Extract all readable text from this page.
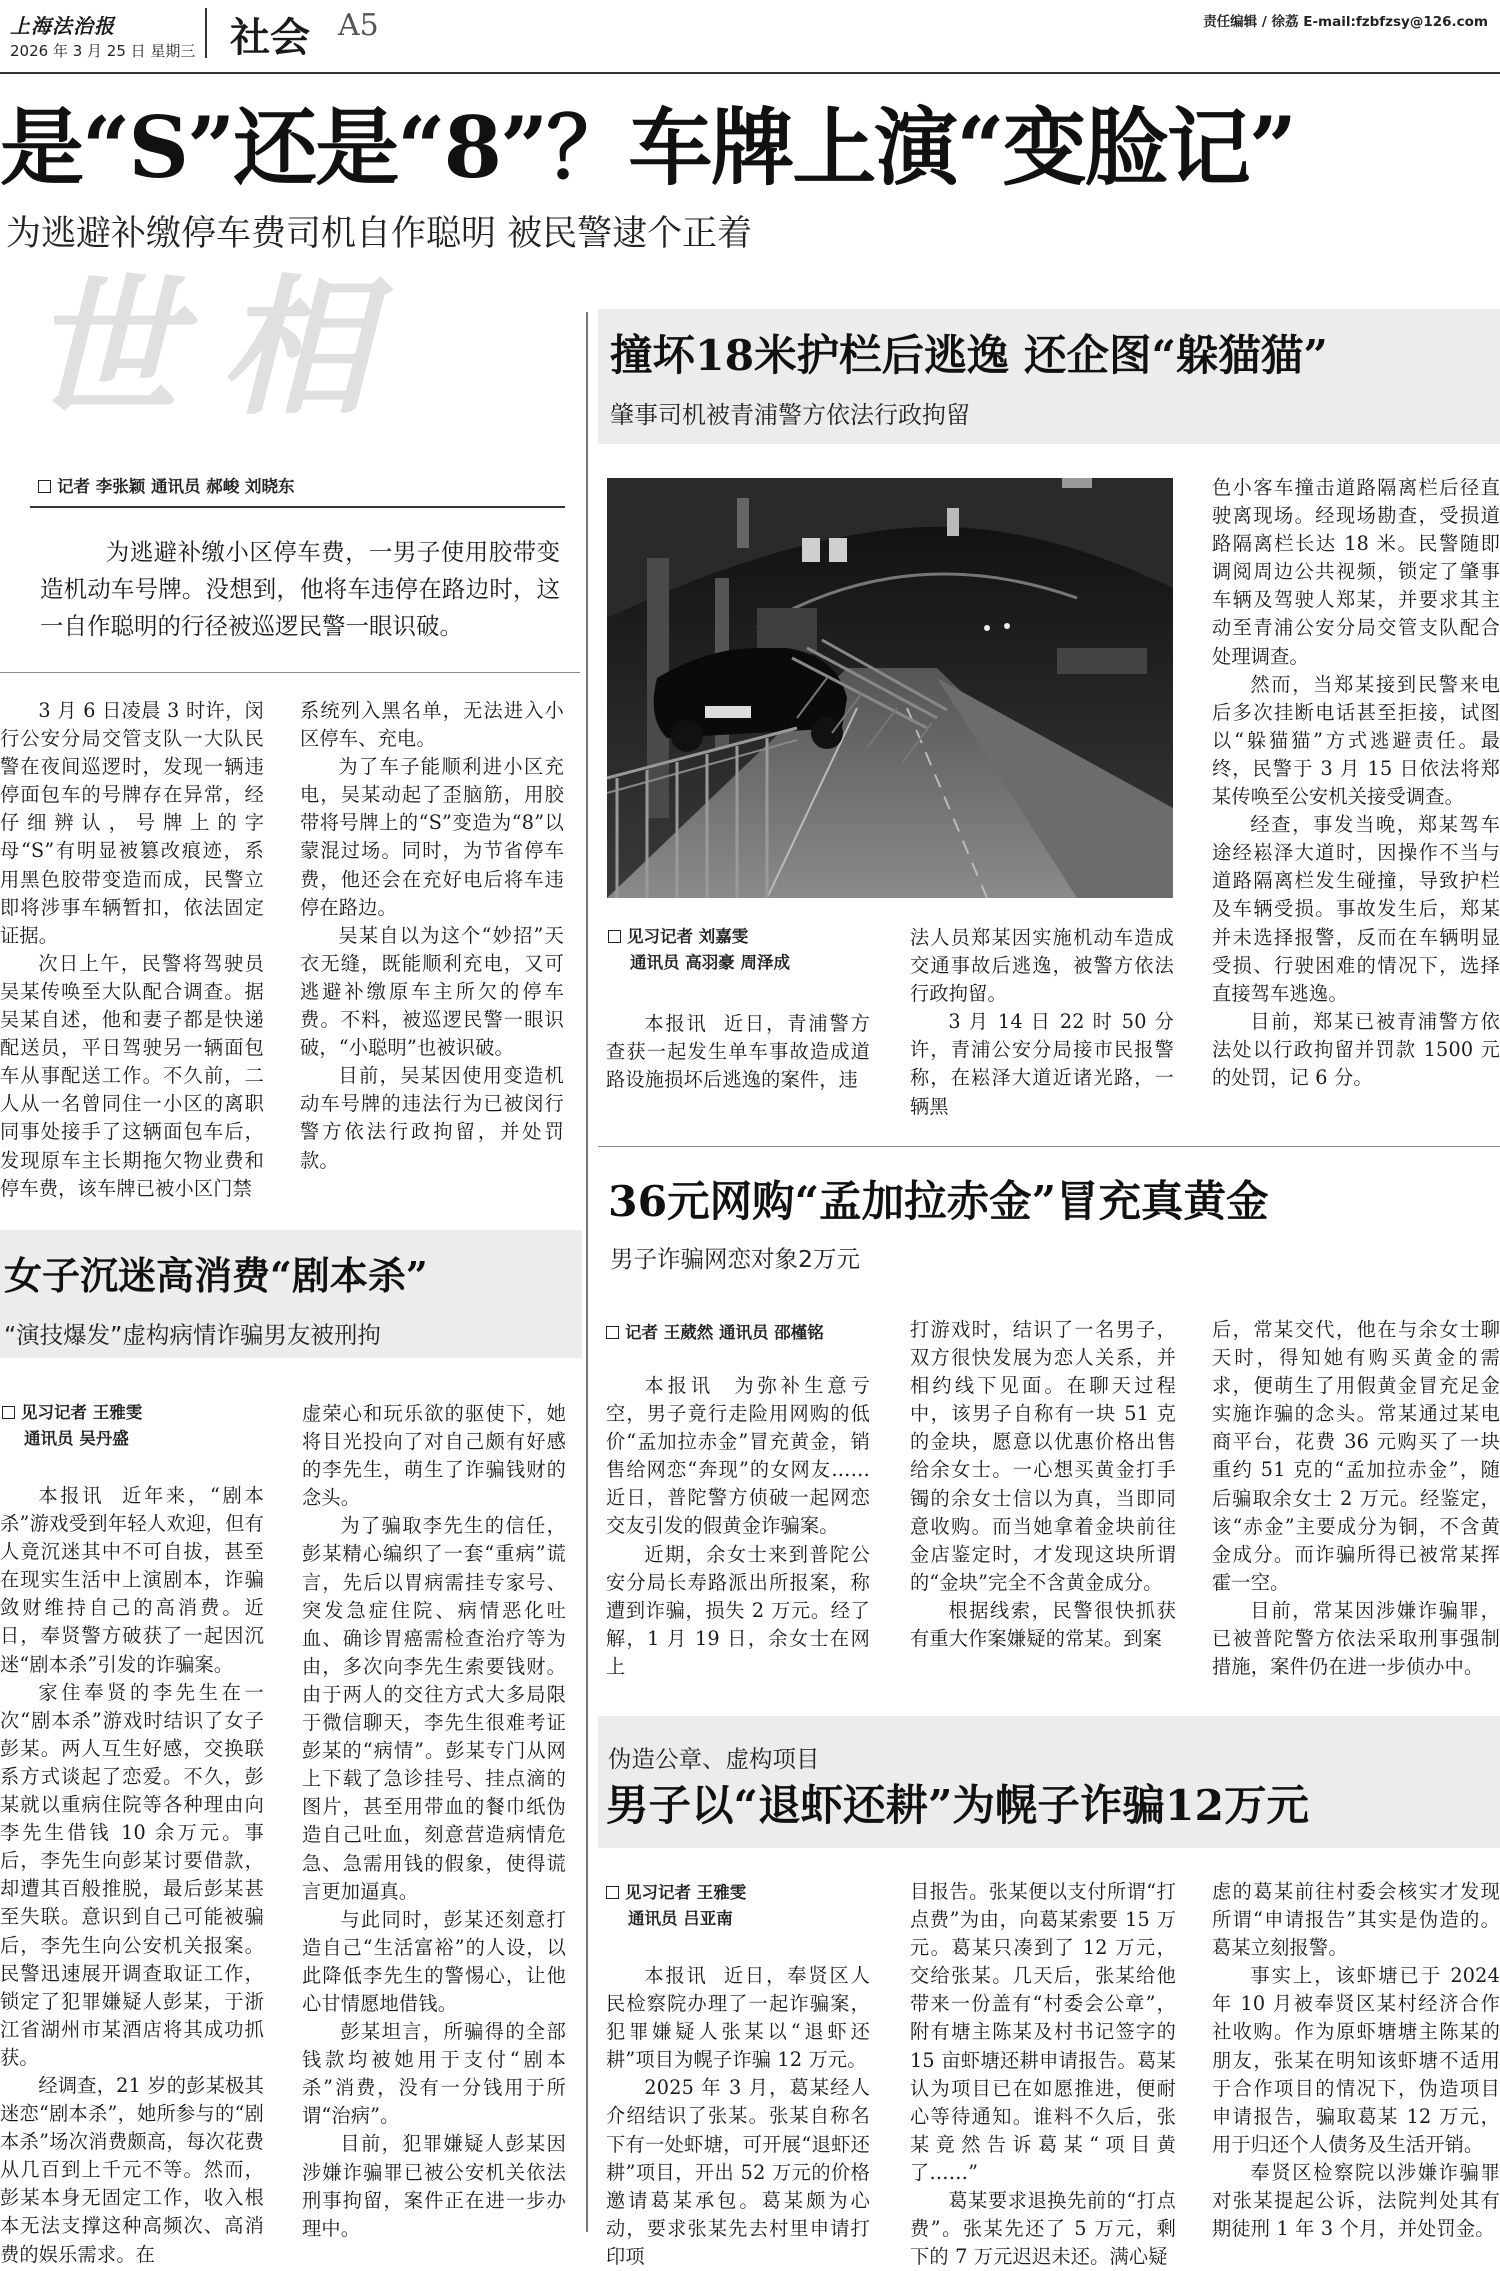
上海法治报
2026 年 3 月 25 日 星期三 社会 A5	责任编辑 / 徐荔 E-mail:fzbfzsy@126.com
是“S”还是“8”？车牌上演“变脸记”
为逃避补缴停车费司机自作聪明 被民警逮个正着
世相
记者 李张颖 通讯员 郝峻 刘晓东
为逃避补缴小区停车费，一男子使用胶带变造机动车号牌。没想到，他将车违停在路边时，这一自作聪明的行径被巡逻民警一眼识破。

3 月 6 日凌晨 3 时许，闵行公安分局交管支队一大队民警在夜间巡逻时，发现一辆违停面包车的号牌存在异常，经仔细辨认，号牌上的字母“S”有明显被篡改痕迹，系用黑色胶带变造而成，民警立即将涉事车辆暂扣，依法固定证据。

次日上午，民警将驾驶员吴某传唤至大队配合调查。据吴某自述，他和妻子都是快递配送员，平日驾驶另一辆面包车从事配送工作。不久前，二人从一名曾同住一小区的离职同事处接手了这辆面包车后，发现原车主长期拖欠物业费和停车费，该车牌已被小区门禁

系统列入黑名单，无法进入小区停车、充电。

为了车子能顺利进小区充电，吴某动起了歪脑筋，用胶带将号牌上的“S”变造为“8”以蒙混过场。同时，为节省停车费，他还会在充好电后将车违停在路边。

吴某自以为这个“妙招”天衣无缝，既能顺利充电，又可逃避补缴原车主所欠的停车费。不料，被巡逻民警一眼识破，“小聪明”也被识破。

目前，吴某因使用变造机动车号牌的违法行为已被闵行警方依法行政拘留，并处罚款。

撞坏18米护栏后逃逸 还企图“躲猫猫”
肇事司机被青浦警方依法行政拘留
见习记者 刘嘉雯
通讯员 高羽豪 周泽成

本报讯  近日，青浦警方查获一起发生单车事故造成道路设施损坏后逃逸的案件，违

法人员郑某因实施机动车造成交通事故后逃逸，被警方依法行政拘留。

3 月 14 日 22 时 50 分许，青浦公安分局接市民报警称，在崧泽大道近诸光路，一辆黑

色小客车撞击道路隔离栏后径直驶离现场。经现场勘查，受损道路隔离栏长达 18 米。民警随即调阅周边公共视频，锁定了肇事车辆及驾驶人郑某，并要求其主动至青浦公安分局交管支队配合处理调查。

然而，当郑某接到民警来电后多次挂断电话甚至拒接，试图以“躲猫猫”方式逃避责任。最终，民警于 3 月 15 日依法将郑某传唤至公安机关接受调查。

经查，事发当晚，郑某驾车途经崧泽大道时，因操作不当与道路隔离栏发生碰撞，导致护栏及车辆受损。事故发生后，郑某并未选择报警，反而在车辆明显受损、行驶困难的情况下，选择直接驾车逃逸。

目前，郑某已被青浦警方依法处以行政拘留并罚款 1500 元的处罚，记 6 分。

女子沉迷高消费“剧本杀”
“演技爆发”虚构病情诈骗男友被刑拘
见习记者 王雅雯
通讯员 吴丹盛

本报讯  近年来，“剧本杀”游戏受到年轻人欢迎，但有人竟沉迷其中不可自拔，甚至在现实生活中上演剧本，诈骗敛财维持自己的高消费。近日，奉贤警方破获了一起因沉迷“剧本杀”引发的诈骗案。

家住奉贤的李先生在一次“剧本杀”游戏时结识了女子彭某。两人互生好感，交换联系方式谈起了恋爱。不久，彭某就以重病住院等各种理由向李先生借钱 10 余万元。事后，李先生向彭某讨要借款，却遭其百般推脱，最后彭某甚至失联。意识到自己可能被骗后，李先生向公安机关报案。民警迅速展开调查取证工作，锁定了犯罪嫌疑人彭某，于浙江省湖州市某酒店将其成功抓获。

经调查，21 岁的彭某极其迷恋“剧本杀”，她所参与的“剧本杀”场次消费颇高，每次花费从几百到上千元不等。然而，彭某本身无固定工作，收入根本无法支撑这种高频次、高消费的娱乐需求。在

虚荣心和玩乐欲的驱使下，她将目光投向了对自己颇有好感的李先生，萌生了诈骗钱财的念头。

为了骗取李先生的信任，彭某精心编织了一套“重病”谎言，先后以胃病需挂专家号、突发急症住院、病情恶化吐血、确诊胃癌需检查治疗等为由，多次向李先生索要钱财。由于两人的交往方式大多局限于微信聊天，李先生很难考证彭某的“病情”。彭某专门从网上下载了急诊挂号、挂点滴的图片，甚至用带血的餐巾纸伪造自己吐血，刻意营造病情危急、急需用钱的假象，使得谎言更加逼真。

与此同时，彭某还刻意打造自己“生活富裕”的人设，以此降低李先生的警惕心，让他心甘情愿地借钱。

彭某坦言，所骗得的全部钱款均被她用于支付“剧本杀”消费，没有一分钱用于所谓“治病”。

目前，犯罪嫌疑人彭某因涉嫌诈骗罪已被公安机关依法刑事拘留，案件正在进一步办理中。

36元网购“孟加拉赤金”冒充真黄金
男子诈骗网恋对象2万元
记者 王葳然 通讯员 邵槿铭

本报讯  为弥补生意亏空，男子竟行走险用网购的低价“孟加拉赤金”冒充黄金，销售给网恋“奔现”的女网友……近日，普陀警方侦破一起网恋交友引发的假黄金诈骗案。

近期，余女士来到普陀公安分局长寿路派出所报案，称遭到诈骗，损失 2 万元。经了解，1 月 19 日，余女士在网上

打游戏时，结识了一名男子，双方很快发展为恋人关系，并相约线下见面。在聊天过程中，该男子自称有一块 51 克的金块，愿意以优惠价格出售给余女士。一心想买黄金打手镯的余女士信以为真，当即同意收购。而当她拿着金块前往金店鉴定时，才发现这块所谓的“金块”完全不含黄金成分。

根据线索，民警很快抓获有重大作案嫌疑的常某。到案

后，常某交代，他在与余女士聊天时，得知她有购买黄金的需求，便萌生了用假黄金冒充足金实施诈骗的念头。常某通过某电商平台，花费 36 元购买了一块重约 51 克的“孟加拉赤金”，随后骗取余女士 2 万元。经鉴定，该“赤金”主要成分为铜，不含黄金成分。而诈骗所得已被常某挥霍一空。

目前，常某因涉嫌诈骗罪，已被普陀警方依法采取刑事强制措施，案件仍在进一步侦办中。

伪造公章、虚构项目
男子以“退虾还耕”为幌子诈骗12万元
见习记者 王雅雯
通讯员 吕亚南

本报讯  近日，奉贤区人民检察院办理了一起诈骗案，犯罪嫌疑人张某以“退虾还耕”项目为幌子诈骗 12 万元。

2025 年 3 月，葛某经人介绍结识了张某。张某自称名下有一处虾塘，可开展“退虾还耕”项目，开出 52 万元的价格邀请葛某承包。葛某颇为心动，要求张某先去村里申请打印项

目报告。张某便以支付所谓“打点费”为由，向葛某索要 15 万元。葛某只凑到了 12 万元，交给张某。几天后，张某给他带来一份盖有“村委会公章”，附有塘主陈某及村书记签字的 15 亩虾塘还耕申请报告。葛某认为项目已在如愿推进，便耐心等待通知。谁料不久后，张某竟然告诉葛某“项目黄了……”

葛某要求退换先前的“打点费”。张某先还了 5 万元，剩下的 7 万元迟迟未还。满心疑

虑的葛某前往村委会核实才发现所谓“申请报告”其实是伪造的。葛某立刻报警。

事实上，该虾塘已于 2024 年 10 月被奉贤区某村经济合作社收购。作为原虾塘塘主陈某的朋友，张某在明知该虾塘不适用于合作项目的情况下，伪造项目申请报告，骗取葛某 12 万元，用于归还个人债务及生活开销。

奉贤区检察院以涉嫌诈骗罪对张某提起公诉，法院判处其有期徒刑 1 年 3 个月，并处罚金。
